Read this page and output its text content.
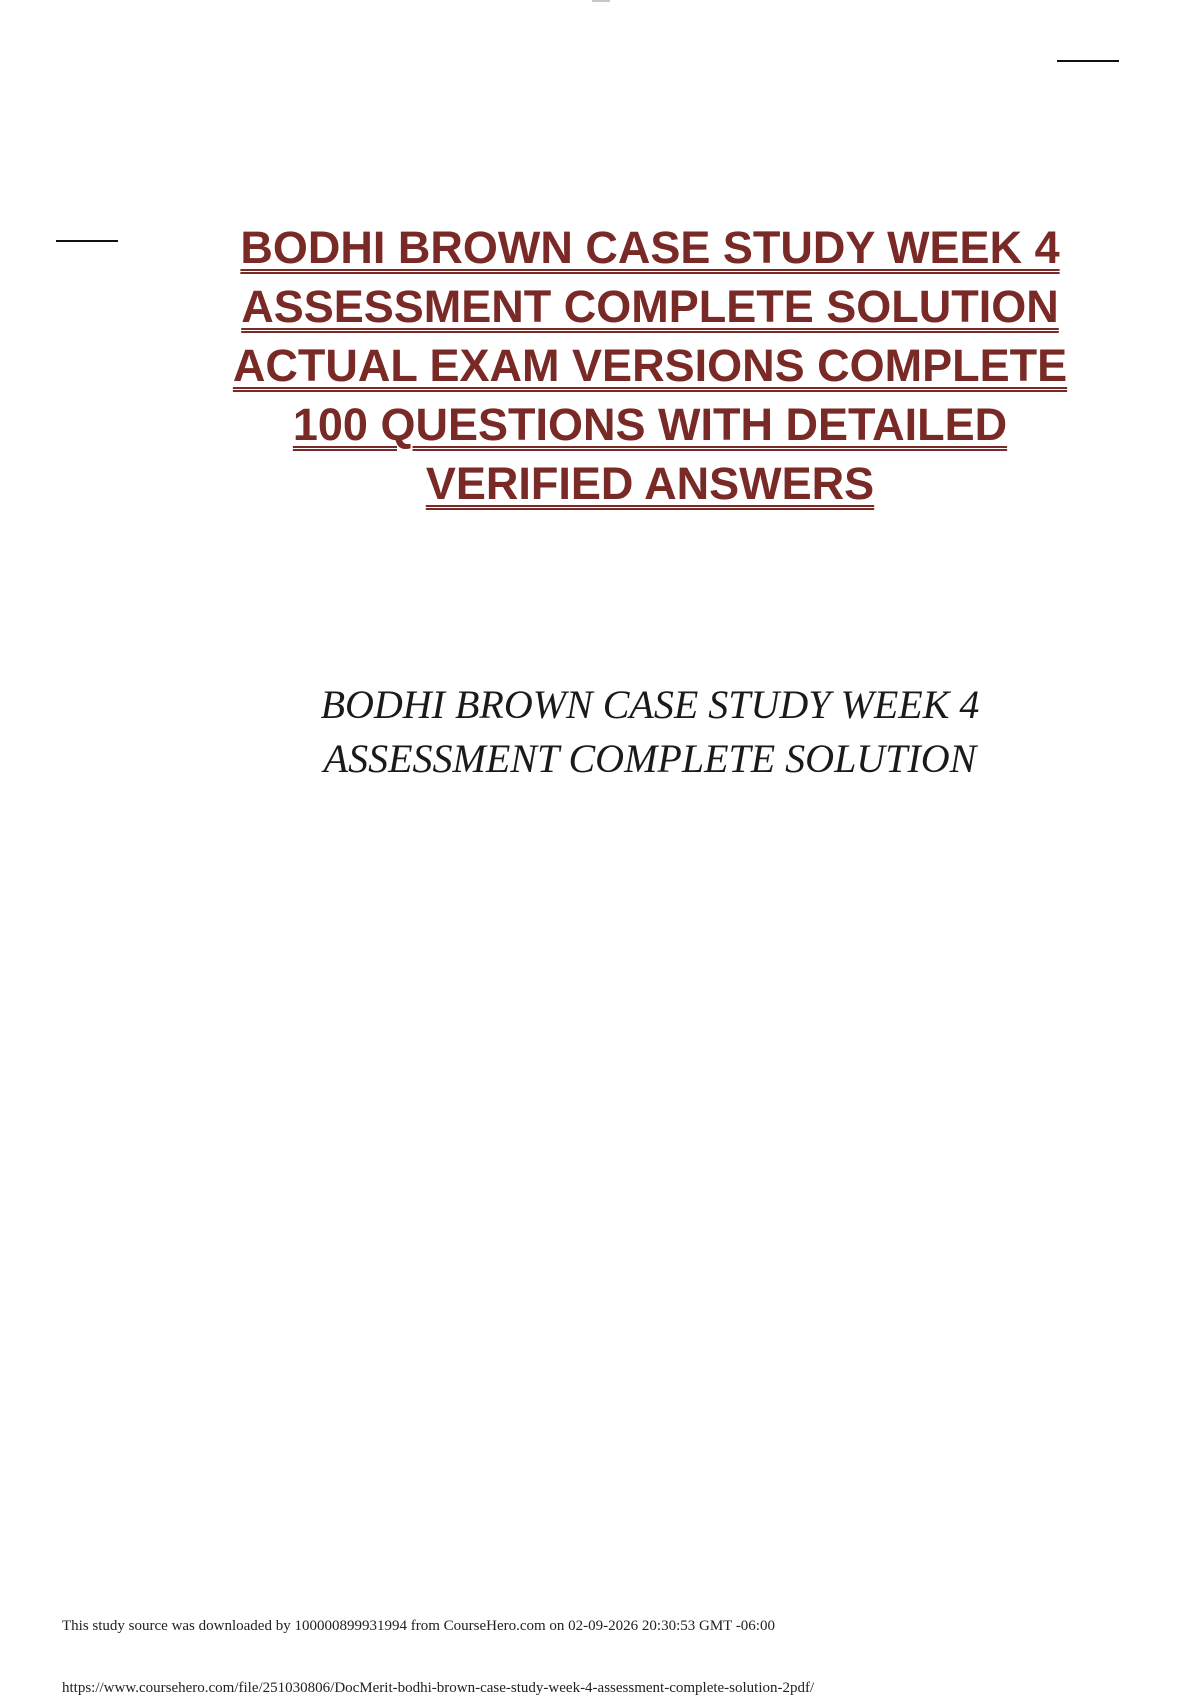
BODHI BROWN CASE STUDY WEEK 4
ASSESSMENT COMPLETE SOLUTION
ACTUAL EXAM VERSIONS COMPLETE
100 QUESTIONS WITH DETAILED
VERIFIED ANSWERS

BODHI BROWN CASE STUDY WEEK 4
ASSESSMENT COMPLETE SOLUTION

This study source was downloaded by 100000899931994 from CourseHero.com on 02-09-2026 20:30:53 GMT -06:00

https://www.coursehero.com/file/251030806/DocMerit-bodhi-brown-case-study-week-4-assessment-complete-solution-2pdf/
